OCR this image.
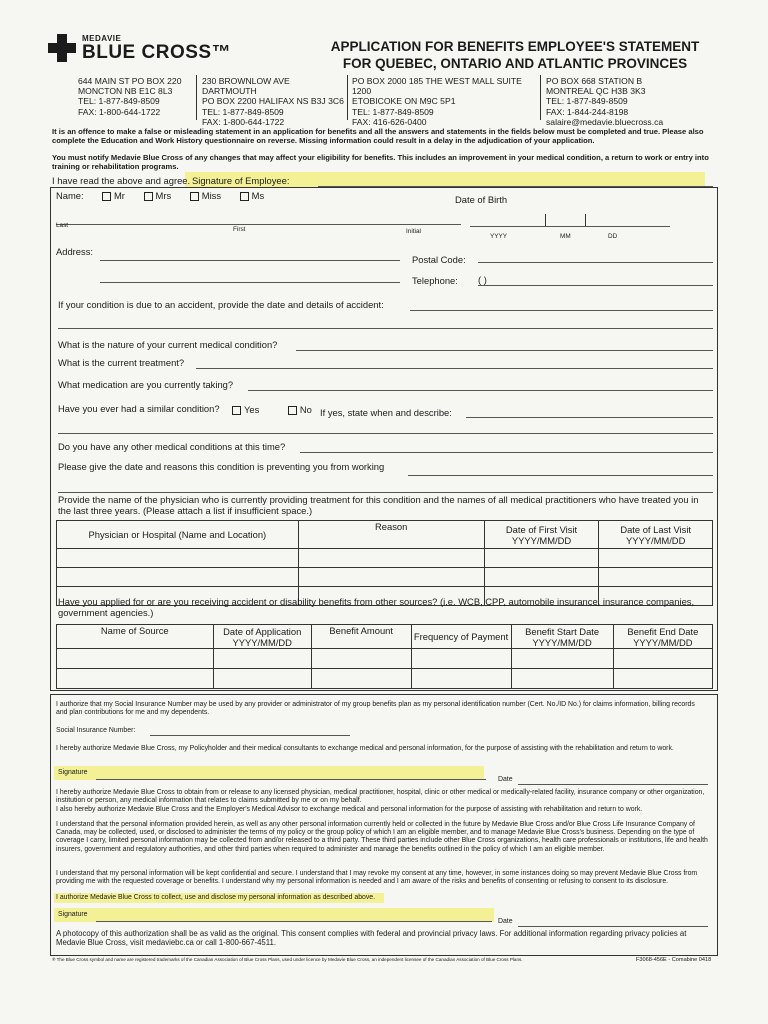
MEDAVIE
BLUE CROSS™	APPLICATION FOR BENEFITS EMPLOYEE'S STATEMENT
FOR QUEBEC, ONTARIO AND ATLANTIC PROVINCES
644 MAIN ST PO BOX 220
MONCTON NB E1C 8L3
TEL: 1-877-849-8509
FAX: 1-800-644-1722
230 BROWNLOW AVE DARTMOUTH
PO BOX 2200 HALIFAX NS B3J 3C6
TEL: 1-877-849-8509
FAX: 1-800-644-1722
PO BOX 2000 185 THE WEST MALL SUITE 1200
ETOBICOKE ON M9C 5P1
TEL: 1-877-849-8509
FAX: 416-626-0400
PO BOX 668 STATION B
MONTREAL QC H3B 3K3
TEL: 1-877-849-8509
FAX: 1-844-244-8198
salaire@medavie.bluecross.ca
It is an offence to make a false or misleading statement in an application for benefits and all the answers and statements in the fields below must be completed and true. Please also complete the Education and Work History questionnaire on reverse. Missing information could result in a delay in the adjudication of your application.
You must notify Medavie Blue Cross of any changes that may affect your eligibility for benefits. This includes an improvement in your medical condition, a return to work or entry into training or rehabilitation programs.
I have read the above and agree. Signature of Employee:
Name:	Mr	Mrs	Miss	Ms	Date of Birth
Last
First	Initial
YYYY	MM	DD
Address:
Postal Code:
Telephone: ( )
If your condition is due to an accident, provide the date and details of accident:
What is the nature of your current medical condition?
What is the current treatment?
What medication are you currently taking?
Have you ever had a similar condition?	Yes	No If yes, state when and describe:
Do you have any other medical conditions at this time?
Please give the date and reasons this condition is preventing you from working
Provide the name of the physician who is currently providing treatment for this condition and the names of all medical practitioners who have treated you in the last three years. (Please attach a list if insufficient space.)
Physician or Hospital (Name and Location)	Reason	Date of First Visit YYYY/MM/DD	Date of Last Visit YYYY/MM/DD

Have you applied for or are you receiving accident or disability benefits from other sources? (i.e. WCB, CPP, automobile insurance, insurance companies, government agencies.)
Name of Source	Date of Application YYYY/MM/DD	Benefit Amount	Frequency of Payment	Benefit Start Date YYYY/MM/DD	Benefit End Date YYYY/MM/DD

I authorize that my Social Insurance Number may be used by any provider or administrator of my group benefits plan as my personal identification number (Cert. No./ID No.) for claims information, billing records and plan contributions for me and my dependents.
Social Insurance Number:
I hereby authorize Medavie Blue Cross, my Policyholder and their medical consultants to exchange medical and personal information, for the purpose of assisting with the rehabilitation and return to work.
Signature
Date
I hereby authorize Medavie Blue Cross to obtain from or release to any licensed physician, medical practitioner, hospital, clinic or other medical or medically-related facility, insurance company or other organization, institution or person, any medical information that relates to claims submitted by me or on my behalf.
I also hereby authorize Medavie Blue Cross and the Employer's Medical Advisor to exchange medical and personal information for the purpose of assisting with rehabilitation and return to work.
I understand that the personal information provided herein, as well as any other personal information currently held or collected in the future by Medavie Blue Cross and/or Blue Cross Life Insurance Company of Canada, may be collected, used, or disclosed to administer the terms of my policy or the group policy of which I am an eligible member, and to manage Medavie Blue Cross's business. Depending on the type of coverage I carry, limited personal information may be collected from and/or released to a third party. These third parties include other Blue Cross organizations, health care professionals or institutions, life and health insurers, government and regulatory authorities, and other third parties when required to administer and manage the benefits outlined in the policy of which I am an eligible member.
I understand that my personal information will be kept confidential and secure. I understand that I may revoke my consent at any time, however, in some instances doing so may prevent Medavie Blue Cross from providing me with the requested coverage or benefits. I understand why my personal information is needed and I am aware of the risks and benefits of consenting or refusing to consent to its disclosure.
I authorize Medavie Blue Cross to collect, use and disclose my personal information as described above.
Signature
Date
A photocopy of this authorization shall be as valid as the original. This consent complies with federal and provincial privacy laws. For additional information regarding privacy policies at Medavie Blue Cross, visit medaviebc.ca or call 1-800-667-4511.
® The Blue Cross symbol and name are registered trademarks of the Canadian Association of Blue Cross Plans, used under licence by Medavie Blue Cross, an independent licensee of the Canadian Association of Blue Cross Plans.	F3068-456E - Comabine 0418
